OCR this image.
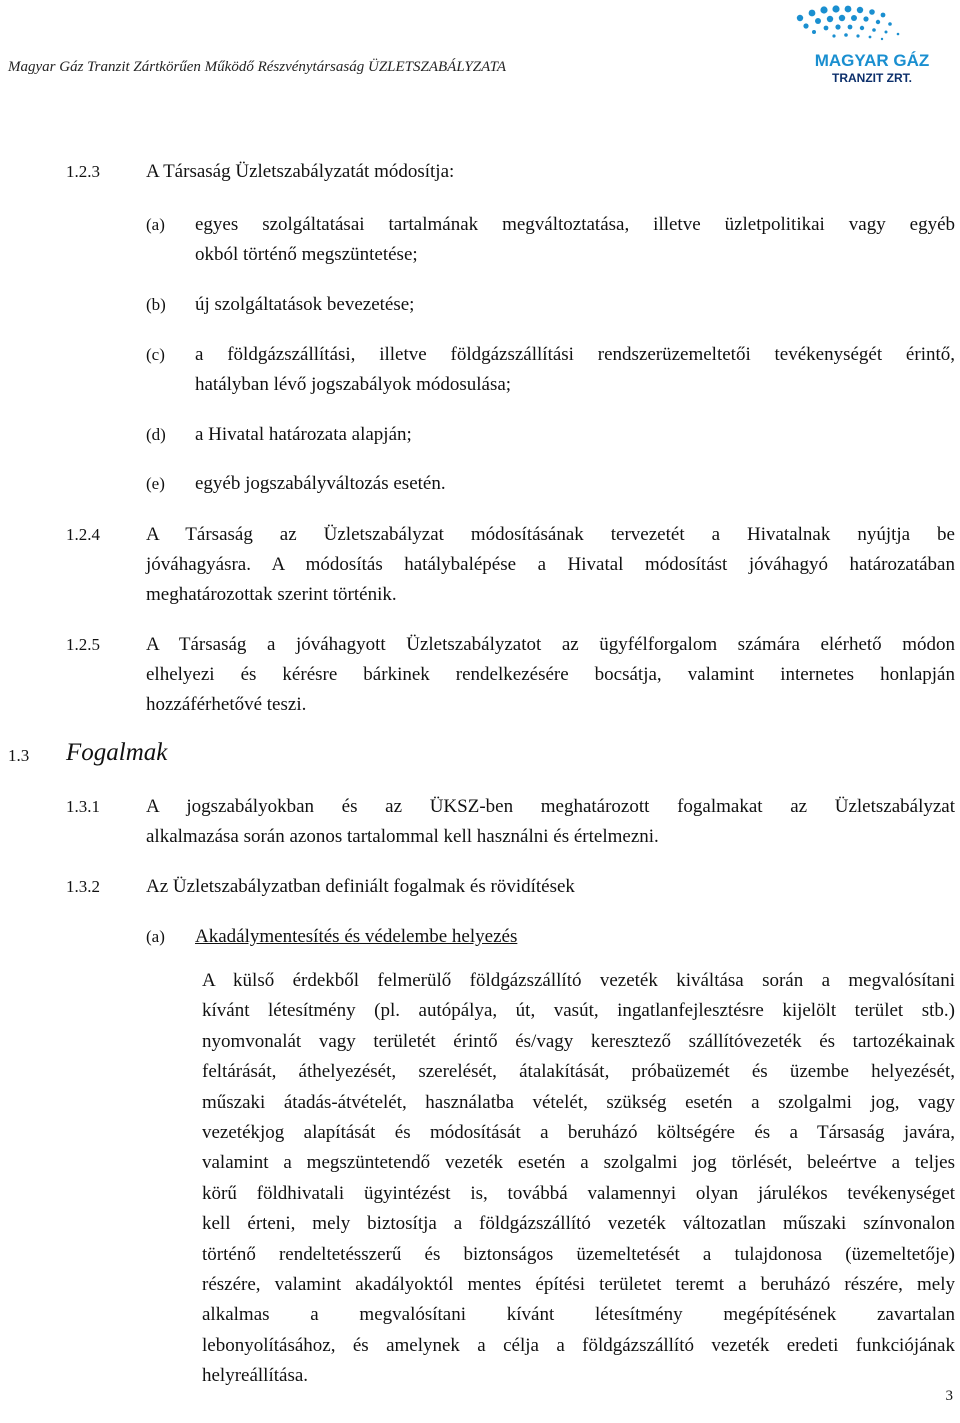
Magyar Gáz Tranzit Zártkörűen Működő Részvénytársaság ÜZLETSZABÁLYZATA	MAGYAR GÁZ
TRANZIT ZRT.
1.2.3 A Társaság Üzletszabályzatát módosítja:
(a) egyes szolgáltatásai tartalmának megváltoztatása, illetve üzletpolitikai vagy egyéb
okból történő megszüntetése;
(b) új szolgáltatások bevezetése;
(c) a földgázszállítási, illetve földgázszállítási rendszerüzemeltetői tevékenységét érintő,
hatályban lévő jogszabályok módosulása;
(d) a Hivatal határozata alapján;
(e) egyéb jogszabályváltozás esetén.
1.2.4 A Társaság az Üzletszabályzat módosításának tervezetét a Hivatalnak nyújtja be
jóváhagyásra. A módosítás hatálybalépése a Hivatal módosítást jóváhagyó határozatában
meghatározottak szerint történik.
1.2.5 A Társaság a jóváhagyott Üzletszabályzatot az ügyfélforgalom számára elérhető módon
elhelyezi és kérésre bárkinek rendelkezésére bocsátja, valamint internetes honlapján
hozzáférhetővé teszi.
1.3 Fogalmak
1.3.1 A jogszabályokban és az ÜKSZ-ben meghatározott fogalmakat az Üzletszabályzat
alkalmazása során azonos tartalommal kell használni és értelmezni.
1.3.2 Az Üzletszabályzatban definiált fogalmak és rövidítések
(a) Akadálymentesítés és védelembe helyezés
A külső érdekből felmerülő földgázszállító vezeték kiváltása során a megvalósítani
kívánt létesítmény (pl. autópálya, út, vasút, ingatlanfejlesztésre kijelölt terület stb.)
nyomvonalát vagy területét érintő és/vagy keresztező szállítóvezeték és tartozékainak
feltárását, áthelyezését, szerelését, átalakítását, próbaüzemét és üzembe helyezését,
műszaki átadás-átvételét, használatba vételét, szükség esetén a szolgalmi jog, vagy
vezetékjog alapítását és módosítását a beruházó költségére és a Társaság javára,
valamint a megszüntetendő vezeték esetén a szolgalmi jog törlését, beleértve a teljes
körű földhivatali ügyintézést is, továbbá valamennyi olyan járulékos tevékenységet
kell érteni, mely biztosítja a földgázszállító vezeték változatlan műszaki színvonalon
történő rendeltetésszerű és biztonságos üzemeltetését a tulajdonosa (üzemeltetője)
részére, valamint akadályoktól mentes építési területet teremt a beruházó részére, mely
alkalmas a megvalósítani kívánt létesítmény megépítésének zavartalan
lebonyolításához, és amelynek a célja a földgázszállító vezeték eredeti funkciójának
helyreállítása.
3
